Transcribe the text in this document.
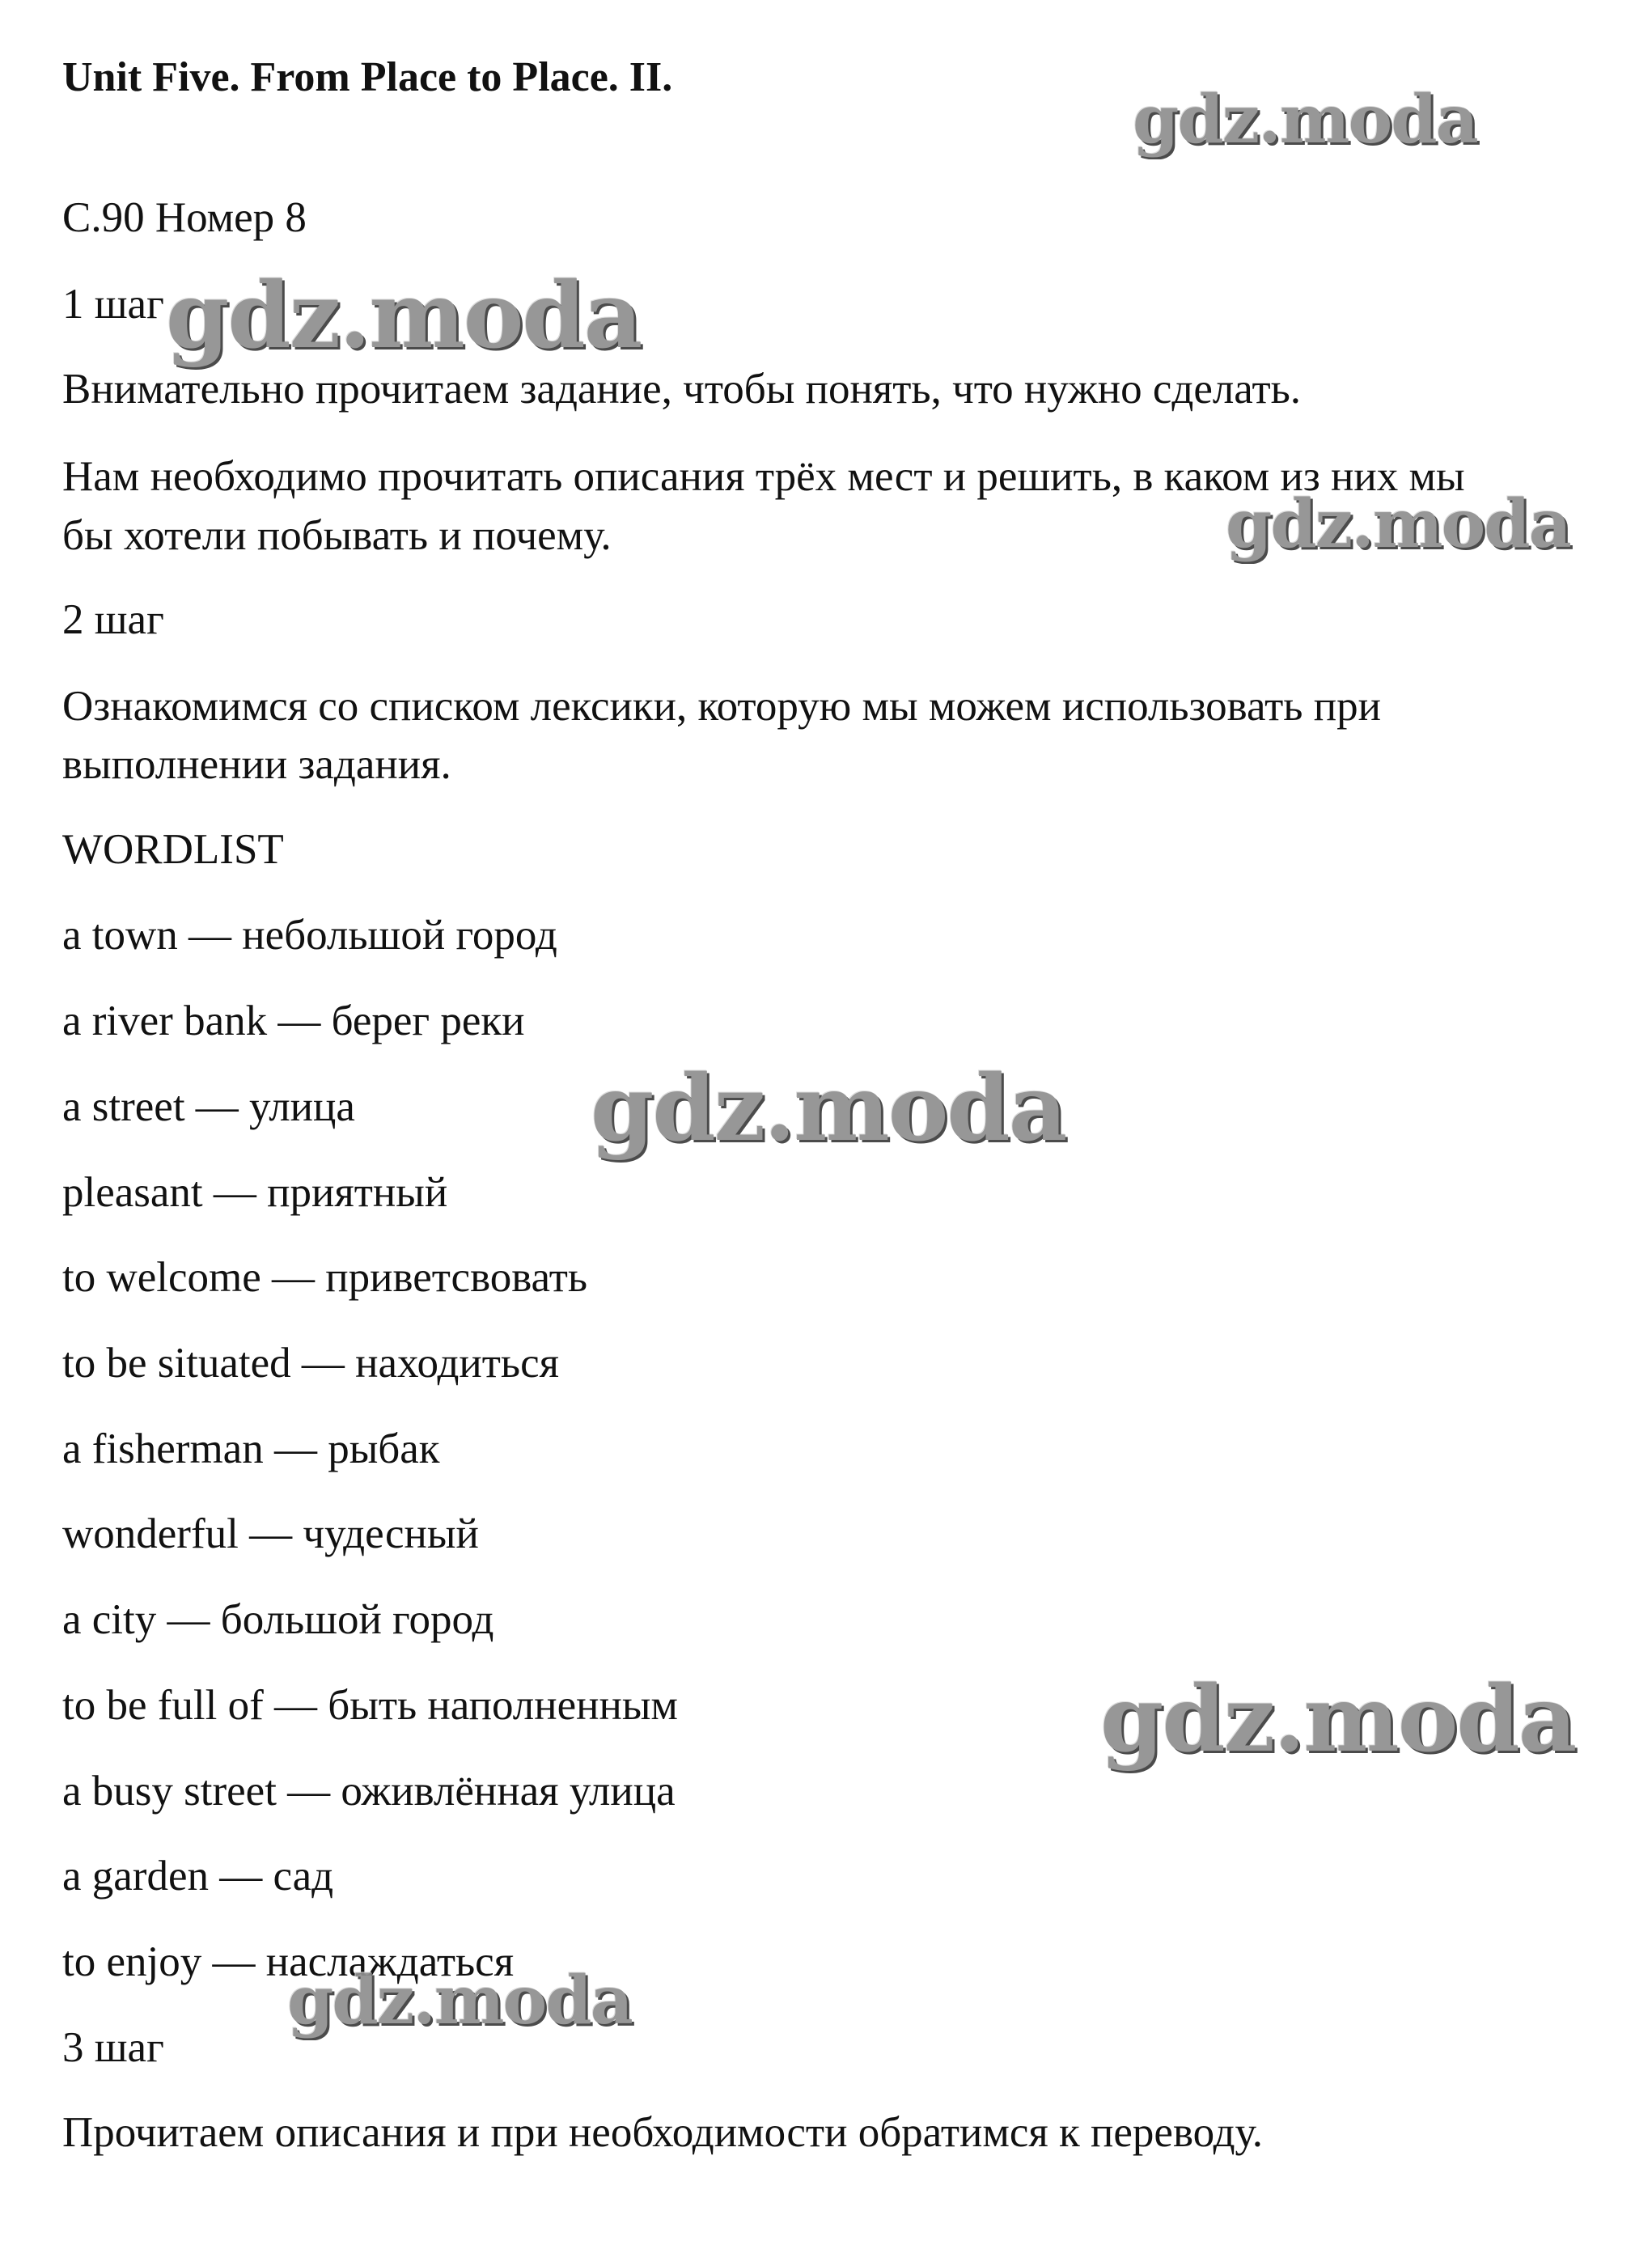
Unit Five. From Place to Place. II.
С.90 Номер 8
1 шаг
Внимательно прочитаем задание, чтобы понять, что нужно сделать.
Нам необходимо прочитать описания трёх мест и решить, в каком из них мы
бы хотели побывать и почему.
2 шаг
Ознакомимся со списком лексики, которую мы можем использовать при
выполнении задания.
WORDLIST
a town — небольшой город
a river bank — берег реки
a street — улица
pleasant — приятный
to welcome — приветсвовать
to be situated — находиться
a fisherman — рыбак
wonderful — чудесный
a city — большой город
to be full of — быть наполненным
a busy street — оживлённая улица
a garden — сад
to enjoy — наслаждаться
3 шаг
Прочитаем описания и при необходимости обратимся к переводу.
gdz.moda
gdz.moda
gdz.moda
gdz.moda
gdz.moda
gdz.moda
